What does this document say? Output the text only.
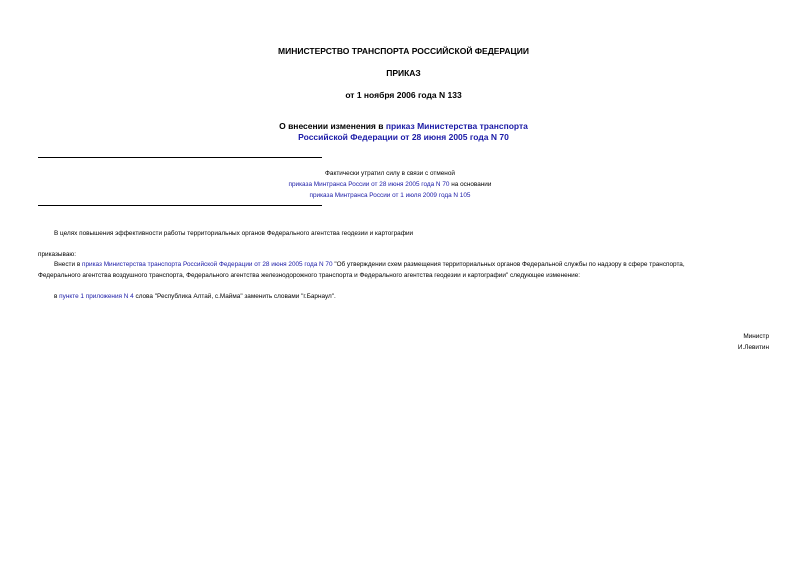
МИНИСТЕРСТВО ТРАНСПОРТА РОССИЙСКОЙ ФЕДЕРАЦИИ
ПРИКАЗ
от 1 ноября 2006 года N 133
О внесении изменения в приказ Министерства транспорта
Российской Федерации от 28 июня 2005 года N 70
Фактически утратил силу в связи с отменой
приказа Минтранса России от 28 июня 2005 года N 70 на основании
приказа Минтранса России от 1 июля 2009 года N 105
В целях повышения эффективности работы территориальных органов Федерального агентства геодезии и картографии
приказываю:
Внести в приказ Министерства транспорта Российской Федерации от 28 июня 2005 года N 70 "Об утверждении схем размещения территориальных органов Федеральной службы по надзору в сфере транспорта,
Федерального агентства воздушного транспорта, Федерального агентства железнодорожного транспорта и Федерального агентства геодезии и картографии" следующее изменение:
в пункте 1 приложения N 4 слова "Республика Алтай, с.Майма" заменить словами "г.Барнаул".
Министр
И.Левитин
